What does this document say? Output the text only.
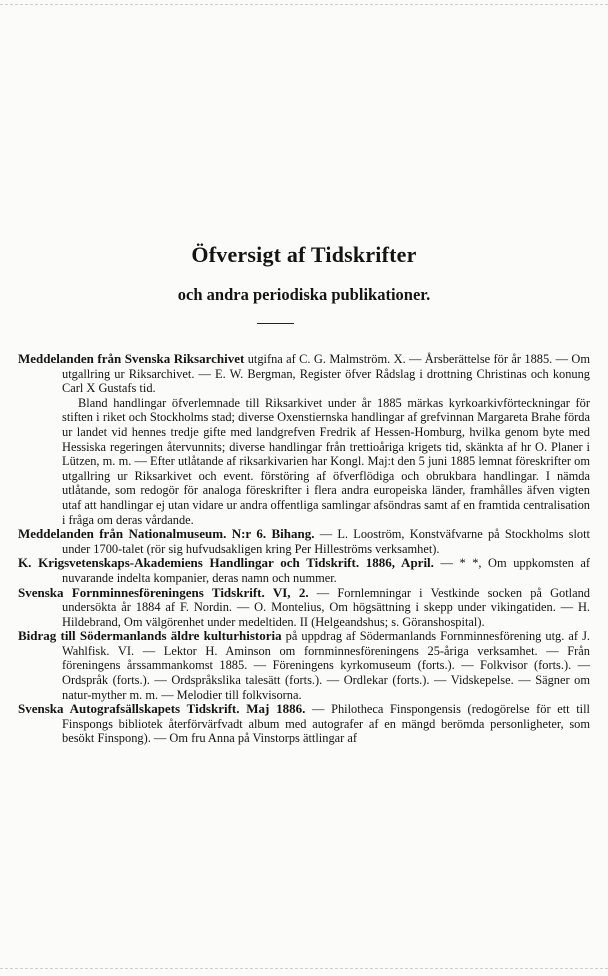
Öfversigt af Tidskrifter
och andra periodiska publikationer.

Meddelanden från Svenska Riksarchivet utgifna af C. G. Malmström. X. — Årsberättelse för år 1885. — Om utgallring ur Riksarchivet. — E. W. Bergman, Register öfver Rådslag i drottning Christinas och konung Carl X Gustafs tid.

Bland handlingar öfverlemnade till Riksarkivet under år 1885 märkas kyrkoarkivförteckningar för stiften i riket och Stockholms stad; diverse Oxenstiernska handlingar af grefvinnan Margareta Brahe förda ur landet vid hennes tredje gifte med landgrefven Fredrik af Hessen-Homburg, hvilka genom byte med Hessiska regeringen återvunnits; diverse handlingar från trettioåriga krigets tid, skänkta af hr O. Planer i Lützen, m. m. — Efter utlåtande af riksarkivarien har Kongl. Maj:t den 5 juni 1885 lemnat föreskrifter om utgallring ur Riksarkivet och event. förstöring af öfverflödiga och obrukbara handlingar. I nämda utlåtande, som redogör för analoga föreskrifter i flera andra europeiska länder, framhålles äfven vigten utaf att handlingar ej utan vidare ur andra offentliga samlingar afsöndras samt af en framtida centralisation i fråga om deras vårdande.

Meddelanden från Nationalmuseum. N:r 6. Bihang. — L. Looström, Konstväfvarne på Stockholms slott under 1700-talet (rör sig hufvudsakligen kring Per Hilleströms verksamhet).

K. Krigsvetenskaps-Akademiens Handlingar och Tidskrift. 1886, April. — * *, Om uppkomsten af nuvarande indelta kompanier, deras namn och nummer.

Svenska Fornminnesföreningens Tidskrift. VI, 2. — Fornlemningar i Vestkinde socken på Gotland undersökta år 1884 af F. Nordin. — O. Montelius, Om högsättning i skepp under vikingatiden. — H. Hildebrand, Om välgörenhet under medeltiden. II (Helgeandshus; s. Göranshospital).

Bidrag till Södermanlands äldre kulturhistoria på uppdrag af Södermanlands Fornminnesförening utg. af J. Wahlfisk. VI. — Lektor H. Aminson om fornminnesföreningens 25-åriga verksamhet. — Från föreningens årssammankomst 1885. — Föreningens kyrkomuseum (forts.). — Folkvisor (forts.). — Ordspråk (forts.). — Ordspråkslika talesätt (forts.). — Ordlekar (forts.). — Vidskepelse. — Sägner om natur-myther m. m. — Melodier till folkvisorna.

Svenska Autografsällskapets Tidskrift. Maj 1886. — Philotheca Finspongensis (redogörelse för ett till Finspongs bibliotek återförvärfvadt album med autografer af en mängd berömda personligheter, som besökt Finspong). — Om fru Anna på Vinstorps ättlingar af
